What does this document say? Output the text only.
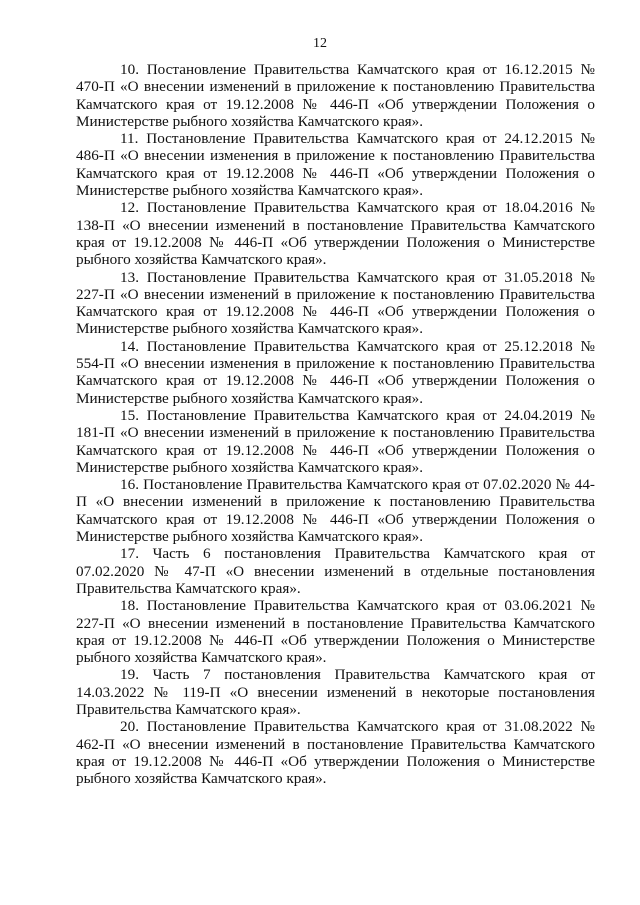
12

10. Постановление Правительства Камчатского края от 16.12.2015 № 470-П «О внесении изменений в приложение к постановлению Правительства Камчатского края от 19.12.2008 № 446-П «Об утверждении Положения о Министерстве рыбного хозяйства Камчатского края».

11. Постановление Правительства Камчатского края от 24.12.2015 № 486-П «О внесении изменения в приложение к постановлению Правительства Камчатского края от 19.12.2008 № 446-П «Об утверждении Положения о Министерстве рыбного хозяйства Камчатского края».

12. Постановление Правительства Камчатского края от 18.04.2016 № 138-П «О внесении изменений в постановление Правительства Камчатского края от 19.12.2008 № 446-П «Об утверждении Положения о Министерстве рыбного хозяйства Камчатского края».

13. Постановление Правительства Камчатского края от 31.05.2018 № 227-П «О внесении изменений в приложение к постановлению Правительства Камчатского края от 19.12.2008 № 446-П «Об утверждении Положения о Министерстве рыбного хозяйства Камчатского края».

14. Постановление Правительства Камчатского края от 25.12.2018 № 554-П «О внесении изменения в приложение к постановлению Правительства Камчатского края от 19.12.2008 № 446-П «Об утверждении Положения о Министерстве рыбного хозяйства Камчатского края».

15. Постановление Правительства Камчатского края от 24.04.2019 № 181-П «О внесении изменений в приложение к постановлению Правительства Камчатского края от 19.12.2008 № 446-П «Об утверждении Положения о Министерстве рыбного хозяйства Камчатского края».

16. Постановление Правительства Камчатского края от 07.02.2020 № 44-П «О внесении изменений в приложение к постановлению Правительства Камчатского края от 19.12.2008 № 446-П «Об утверждении Положения о Министерстве рыбного хозяйства Камчатского края».

17. Часть 6 постановления Правительства Камчатского края от 07.02.2020 № 47-П «О внесении изменений в отдельные постановления Правительства Камчатского края».

18. Постановление Правительства Камчатского края от 03.06.2021 № 227-П «О внесении изменений в постановление Правительства Камчатского края от 19.12.2008 № 446-П «Об утверждении Положения о Министерстве рыбного хозяйства Камчатского края».

19. Часть 7 постановления Правительства Камчатского края от 14.03.2022 № 119-П «О внесении изменений в некоторые постановления Правительства Камчатского края».

20. Постановление Правительства Камчатского края от 31.08.2022 № 462-П «О внесении изменений в постановление Правительства Камчатского края от 19.12.2008 № 446-П «Об утверждении Положения о Министерстве рыбного хозяйства Камчатского края».
